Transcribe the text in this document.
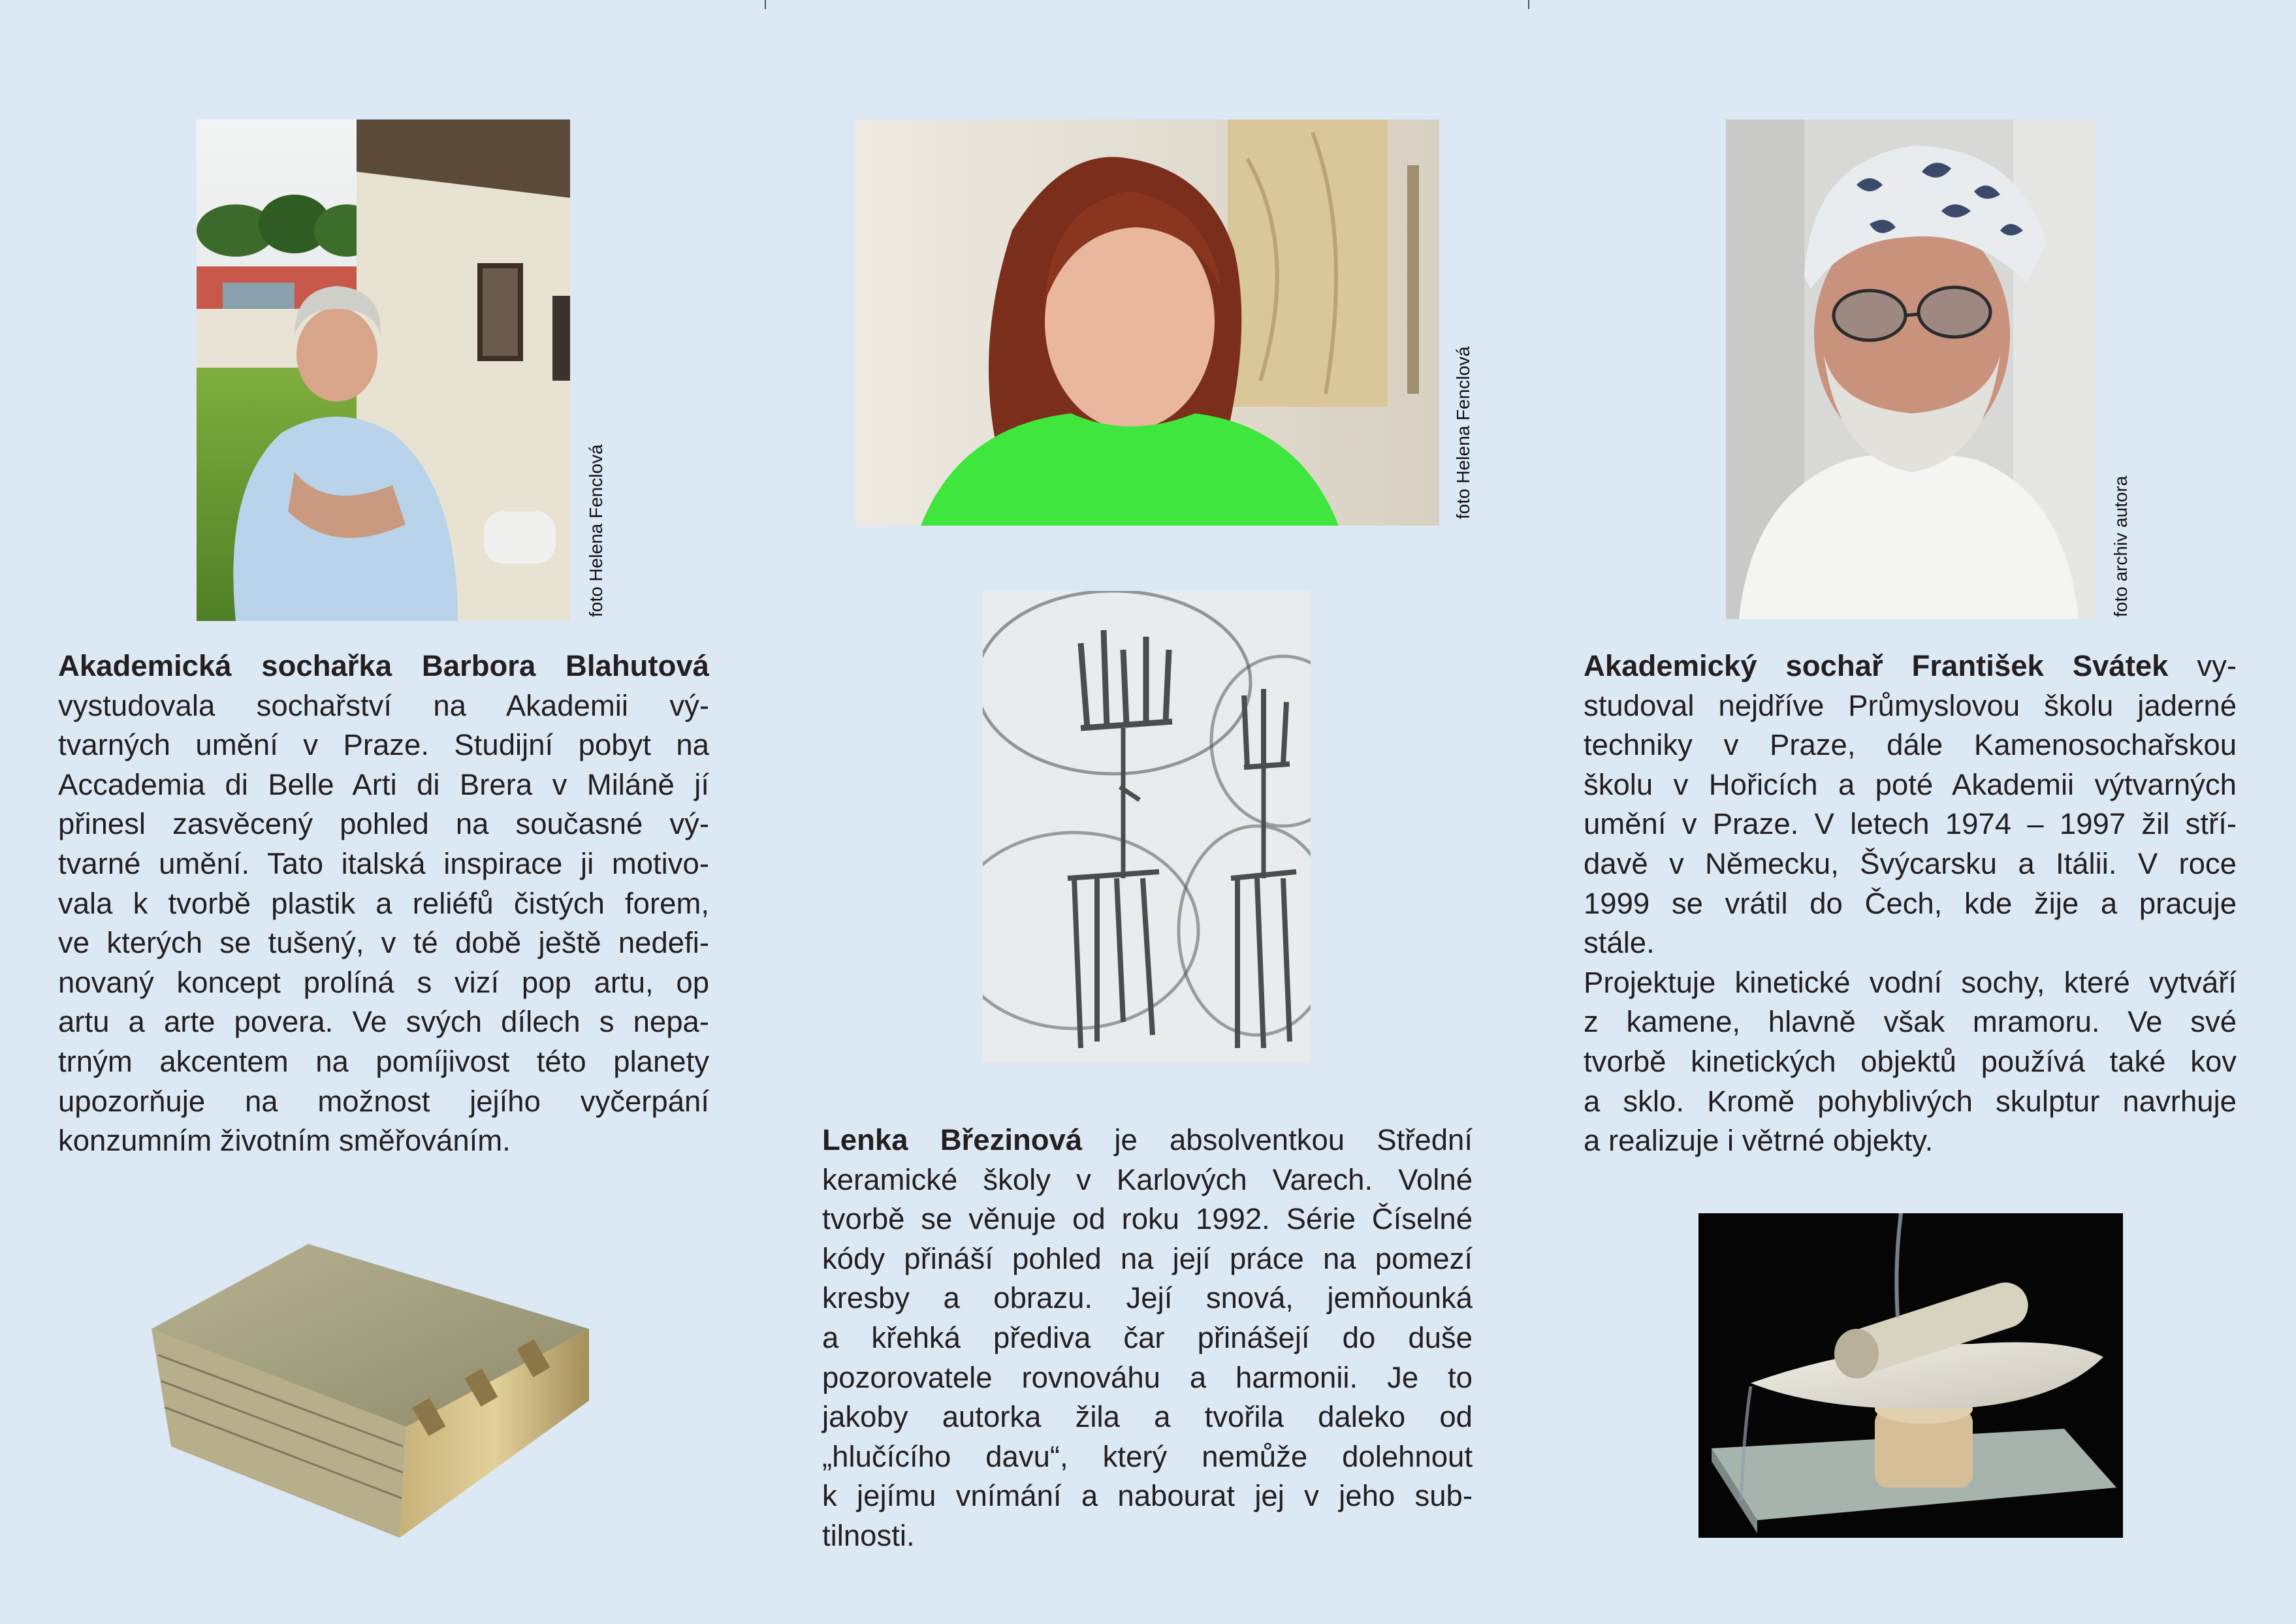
foto Helena Fenclová
Akademická sochařka Barbora Blahutová
vystudovala sochařství na Akademii vý-
tvarných umění v Praze. Studijní pobyt na
Accademia di Belle Arti di Brera v Miláně jí
přinesl zasvěcený pohled na současné vý-
tvarné umění. Tato italská inspirace ji motivo-
vala k tvorbě plastik a reliéfů čistých forem,
ve kterých se tušený, v té době ještě nedefi-
novaný koncept prolíná s vizí pop artu, op
artu a arte povera. Ve svých dílech s nepa-
trným akcentem na pomíjivost této planety
upozorňuje na možnost jejího vyčerpání
konzumním životním směřováním.
foto Helena Fenclová
Lenka Březinová je absolventkou Střední
keramické školy v Karlových Varech. Volné
tvorbě se věnuje od roku 1992. Série Číselné
kódy přináší pohled na její práce na pomezí
kresby a obrazu. Její snová, jemňounká
a křehká přediva čar přinášejí do duše
pozorovatele rovnováhu a harmonii. Je to
jakoby autorka žila a tvořila daleko od
„hlučícího davu“, který nemůže dolehnout
k jejímu vnímání a nabourat jej v jeho sub-
tilnosti.
foto archiv autora
Akademický sochař František Svátek vy-
studoval nejdříve Průmyslovou školu jaderné
techniky v Praze, dále Kamenosochařskou
školu v Hořicích a poté Akademii výtvarných
umění v Praze. V letech 1974 – 1997 žil stří-
davě v Německu, Švýcarsku a Itálii. V roce
1999 se vrátil do Čech, kde žije a pracuje
stále.
Projektuje kinetické vodní sochy, které vytváří
z kamene, hlavně však mramoru. Ve své
tvorbě kinetických objektů používá také kov
a sklo. Kromě pohyblivých skulptur navrhuje
a realizuje i větrné objekty.
